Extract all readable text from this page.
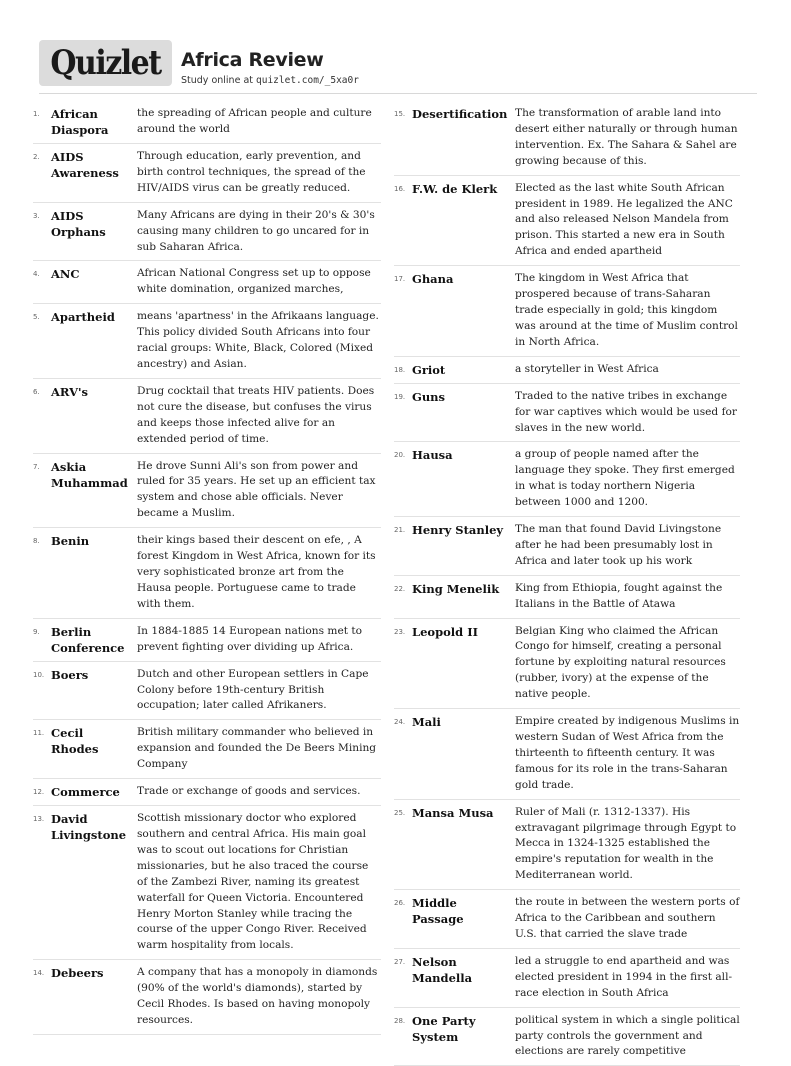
Quizlet Africa Review
Study online at quizlet.com/_5xa0r
1. African Diaspora
the spreading of African people and culture around the world
2. AIDS Awareness
Through education, early prevention, and birth control techniques, the spread of the HIV/AIDS virus can be greatly reduced.
3. AIDS Orphans
Many Africans are dying in their 20's & 30's causing many children to go uncared for in sub Saharan Africa.
4. ANC	African National Congress set up to oppose white domination, organized marches,
5. Apartheid	means 'apartness' in the Afrikaans language. This policy divided South Africans into four racial groups: White, Black, Colored (Mixed ancestry) and Asian.
6. ARV's	Drug cocktail that treats HIV patients. Does not cure the disease, but confuses the virus and keeps those infected alive for an extended period of time.
7. Askia Muhammad
He drove Sunni Ali's son from power and ruled for 35 years. He set up an efficient tax system and chose able officials. Never became a Muslim.
8. Benin	their kings based their descent on efe, , A forest Kingdom in West Africa, known for its very sophisticated bronze art from the Hausa people. Portuguese came to trade with them.
9. Berlin Conference
In 1884-1885 14 European nations met to prevent fighting over dividing up Africa.
10. Boers	Dutch and other European settlers in Cape Colony before 19th-century British occupation; later called Afrikaners.
11. Cecil Rhodes
British military commander who believed in expansion and founded the De Beers Mining Company
12. Commerce	Trade or exchange of goods and services.
13. David Livingstone
Scottish missionary doctor who explored southern and central Africa. His main goal was to scout out locations for Christian missionaries, but he also traced the course of the Zambezi River, naming its greatest waterfall for Queen Victoria. Encountered Henry Morton Stanley while tracing the course of the upper Congo River. Received warm hospitality from locals.
14. Debeers	A company that has a monopoly in diamonds (90% of the world's diamonds), started by Cecil Rhodes. Is based on having monopoly resources.
15. Desertification The transformation of arable land into desert either naturally or through human intervention. Ex. The Sahara & Sahel are growing because of this.
16. F.W. de Klerk	Elected as the last white South African president in 1989. He legalized the ANC and also released Nelson Mandela from prison. This started a new era in South Africa and ended apartheid
17. Ghana	The kingdom in West Africa that prospered because of trans-Saharan trade especially in gold; this kingdom was around at the time of Muslim control in North Africa.
18. Griot	a storyteller in West Africa
19. Guns	Traded to the native tribes in exchange for war captives which would be used for slaves in the new world.
20. Hausa	a group of people named after the language they spoke. They first emerged in what is today northern Nigeria between 1000 and 1200.
21. Henry Stanley	The man that found David Livingstone after he had been presumably lost in Africa and later took up his work
22. King Menelik	King from Ethiopia, fought against the Italians in the Battle of Atawa
23. Leopold II	Belgian King who claimed the African Congo for himself, creating a personal fortune by exploiting natural resources (rubber, ivory) at the expense of the native people.
24. Mali	Empire created by indigenous Muslims in western Sudan of West Africa from the thirteenth to fifteenth century. It was famous for its role in the trans-Saharan gold trade.
25. Mansa Musa	Ruler of Mali (r. 1312-1337). His extravagant pilgrimage through Egypt to Mecca in 1324-1325 established the empire's reputation for wealth in the Mediterranean world.
26. Middle Passage
the route in between the western ports of Africa to the Caribbean and southern U.S. that carried the slave trade
27. Nelson Mandella
led a struggle to end apartheid and was elected president in 1994 in the first all-race election in South Africa
28. One Party System
political system in which a single political party controls the government and elections are rarely competitive
